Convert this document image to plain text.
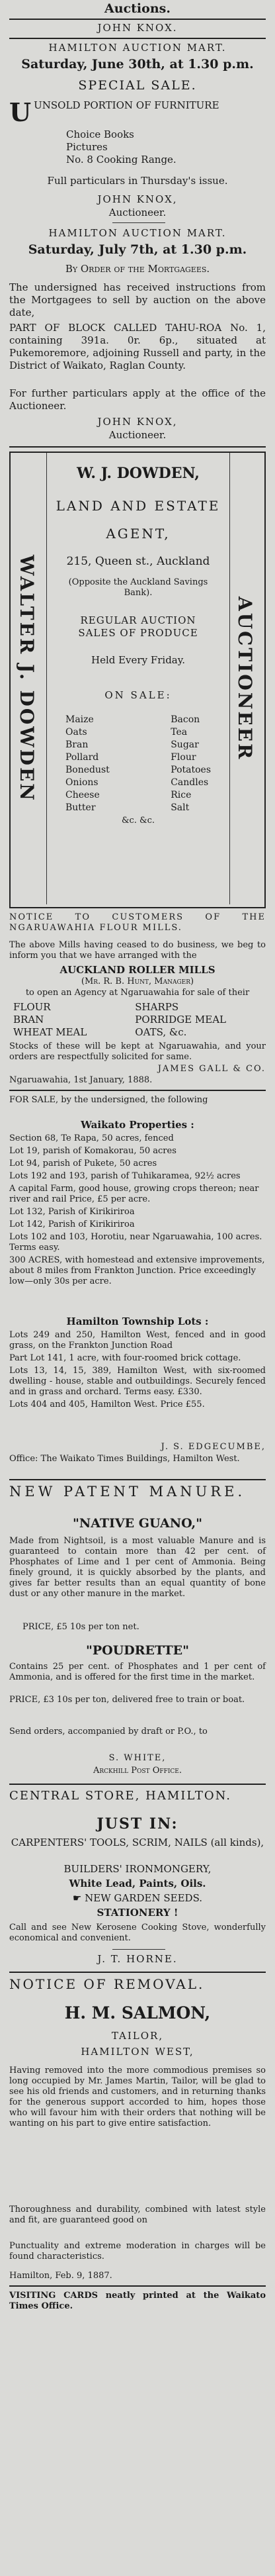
Auctions.
JOHN KNOX.
HAMILTON AUCTION MART.
Saturday, June 30th, at 1.30 p.m.
SPECIAL SALE.
UUNSOLD PORTION OF FURNITURE
Choice Books
Pictures
No. 8 Cooking Range.
Full particulars in Thursday's issue.
JOHN KNOX,
Auctioneer.
HAMILTON AUCTION MART.
Saturday, July 7th, at 1.30 p.m.
By Order of the Mortgagees.
The undersigned has received instructions from the Mortgagees to sell by auction on the above date,
PART OF BLOCK CALLED TAHU-ROA No. 1, containing 391a. 0r. 6p., situated at Pukemoremore, adjoining Russell and party, in the District of Waikato, Raglan County.
For further particulars apply at the office of the Auctioneer.
JOHN KNOX,
Auctioneer.
WALTER J. DOWDEN	AUCTIONEER
W. J. DOWDEN,
LAND AND ESTATE
AGENT,
215, Queen st., Auckland
(Opposite the Auckland Savings Bank).
REGULAR AUCTION SALES OF PRODUCE
Held Every Friday.
ON SALE:
Maize
Oats
Bran
Pollard
Bonedust
Onions
Cheese
Butter
Bacon
Tea
Sugar
Flour
Potatoes
Candles
Rice
Salt
&c. &c.
NOTICE TO CUSTOMERS OF THE NGARUAWAHIA FLOUR MILLS.
The above Mills having ceased to do business, we beg to inform you that we have arranged with the
AUCKLAND ROLLER MILLS
(Mr. R. B. Hunt, Manager)
to open an Agency at Ngaruawahia for sale of their
FLOUR
BRAN
WHEAT MEAL
SHARPS
PORRIDGE MEAL
OATS, &c.
Stocks of these will be kept at Ngaruawahia, and your orders are respectfully solicited for same.
JAMES GALL & CO.
Ngaruawahia, 1st January, 1888.
FOR SALE, by the undersigned, the following
Waikato Properties :
Section 68, Te Rapa, 50 acres, fenced
Lot 19, parish of Komakorau, 50 acres
Lot 94, parish of Pukete, 50 acres
Lots 192 and 193, parish of Tuhikaramea, 92½ acres
A capital Farm, good house, growing crops thereon; near river and rail Price, £5 per acre.
Lot 132, Parish of Kirikiriroa
Lot 142, Parish of Kirikiriroa
Lots 102 and 103, Horotiu, near Ngaruawahia, 100 acres. Terms easy.
300 ACRES, with homestead and extensive improvements, about 8 miles from Frankton Junction. Price exceedingly low—only 30s per acre.
Hamilton Township Lots :
Lots 249 and 250, Hamilton West, fenced and in good grass, on the Frankton Junction Road
Part Lot 141, 1 acre, with four-roomed brick cottage.
Lots 13, 14, 15, 389, Hamilton West, with six-roomed dwelling - house, stable and outbuildings. Securely fenced and in grass and orchard. Terms easy. £330.
Lots 404 and 405, Hamilton West. Price £55.
J. S. EDGECUMBE,
Office: The Waikato Times Buildings, Hamilton West.
NEW PATENT MANURE.
"NATIVE GUANO,"
Made from Nightsoil, is a most valuable Manure and is guaranteed to contain more than 42 per cent. of Phosphates of Lime and 1 per cent of Ammonia. Being finely ground, it is quickly absorbed by the plants, and gives far better results than an equal quantity of bone dust or any other manure in the market.
PRICE, £5 10s per ton net.
"POUDRETTE"
Contains 25 per cent. of Phosphates and 1 per cent of Ammonia, and is offered for the first time in the market.
PRICE, £3 10s per ton, delivered free to train or boat.
Send orders, accompanied by draft or P.O., to
S. WHITE,
Arckhill Post Office.
CENTRAL STORE, HAMILTON.
JUST IN:
CARPENTERS' TOOLS, SCRIM, NAILS (all kinds),
BUILDERS' IRONMONGERY,
White Lead, Paints, Oils.
☛ NEW GARDEN SEEDS.
STATIONERY !
Call and see New Kerosene Cooking Stove, wonderfully economical and convenient.
J. T. HORNE.
NOTICE OF REMOVAL.
H. M. SALMON,
TAILOR,
HAMILTON WEST,
Having removed into the more commodious premises so long occupied by Mr. James Martin, Tailor, will be glad to see his old friends and customers, and in returning thanks for the generous support accorded to him, hopes those who will favour him with their orders that nothing will be wanting on his part to give entire satisfaction.
Thoroughness and durability, combined with latest style and fit, are guaranteed good on
Punctuality and extreme moderation in charges will be found characteristics.
Hamilton, Feb. 9, 1887.
VISITING CARDS neatly printed at the Waikato Times Office.
